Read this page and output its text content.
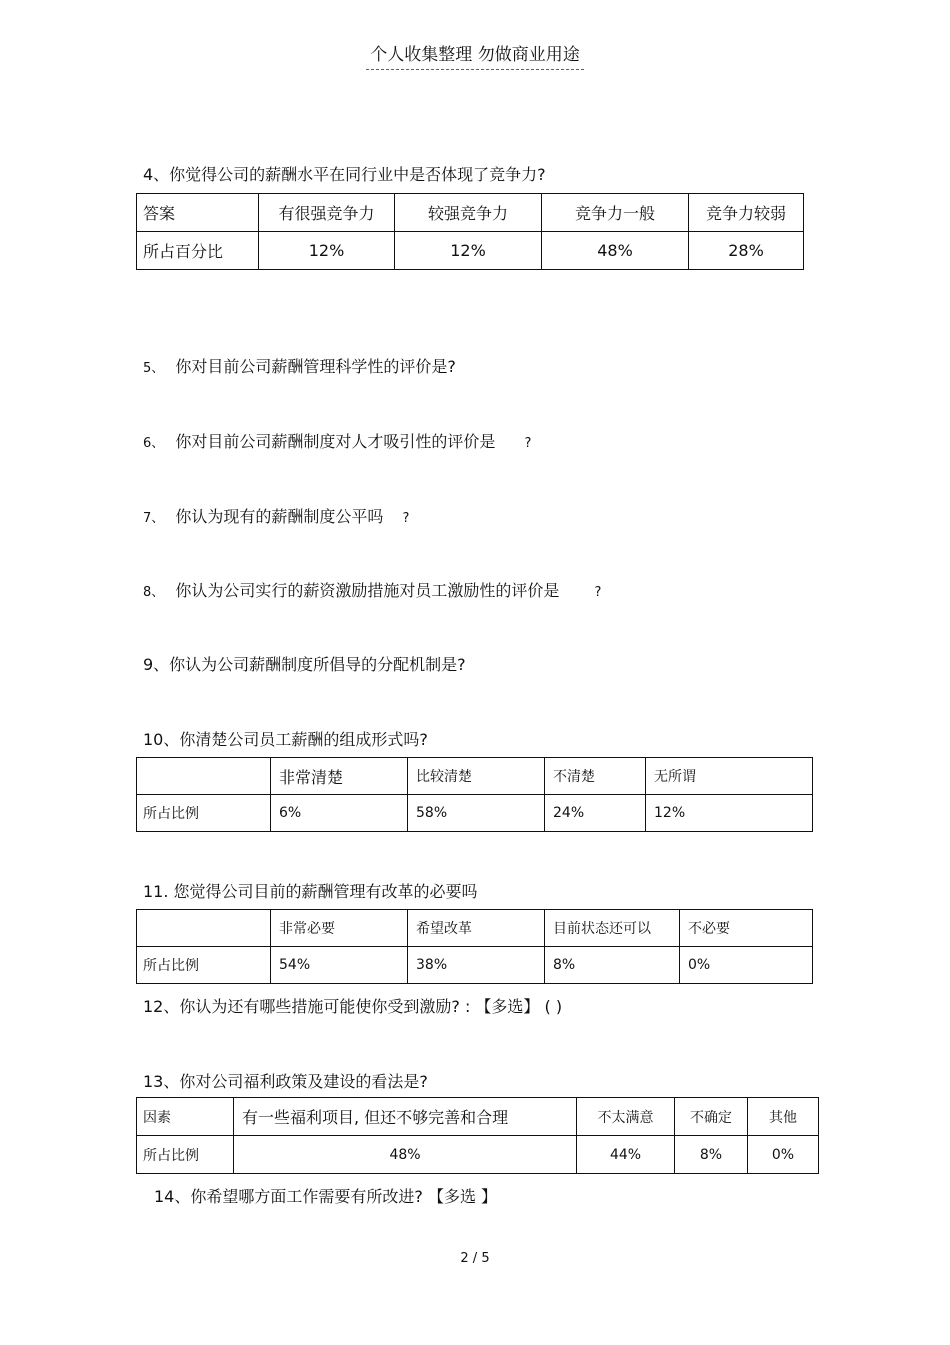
个人收集整理 勿做商业用途
4、你觉得公司的薪酬水平在同行业中是否体现了竞争力?
答案	有很强竞争力	较强竞争力	竞争力一般	竞争力较弱
所占百分比	12%	12%	48%	28%
5、 你对目前公司薪酬管理科学性的评价是?
6、 你对目前公司薪酬制度对人才吸引性的评价是 ?
7、 你认为现有的薪酬制度公平吗 ?
8、 你认为公司实行的薪资激励措施对员工激励性的评价是	?
9、你认为公司薪酬制度所倡导的分配机制是?
10、你清楚公司员工薪酬的组成形式吗?
	非常清楚	比较清楚	不清楚	无所谓
所占比例	6%	58%	24%	12%
11. 您觉得公司目前的薪酬管理有改革的必要吗
	非常必要	希望改革	目前状态还可以	不必要
所占比例	54%	38%	8%	0%
12、你认为还有哪些措施可能使你受到激励? : 【多选】 ( )
13、你对公司福利政策及建设的看法是?
因素	有一些福利项目, 但还不够完善和合理	不太满意	不确定	其他
所占比例	48%	44%	8%	0%
14、你希望哪方面工作需要有所改进? 【多选 】
2 / 5
